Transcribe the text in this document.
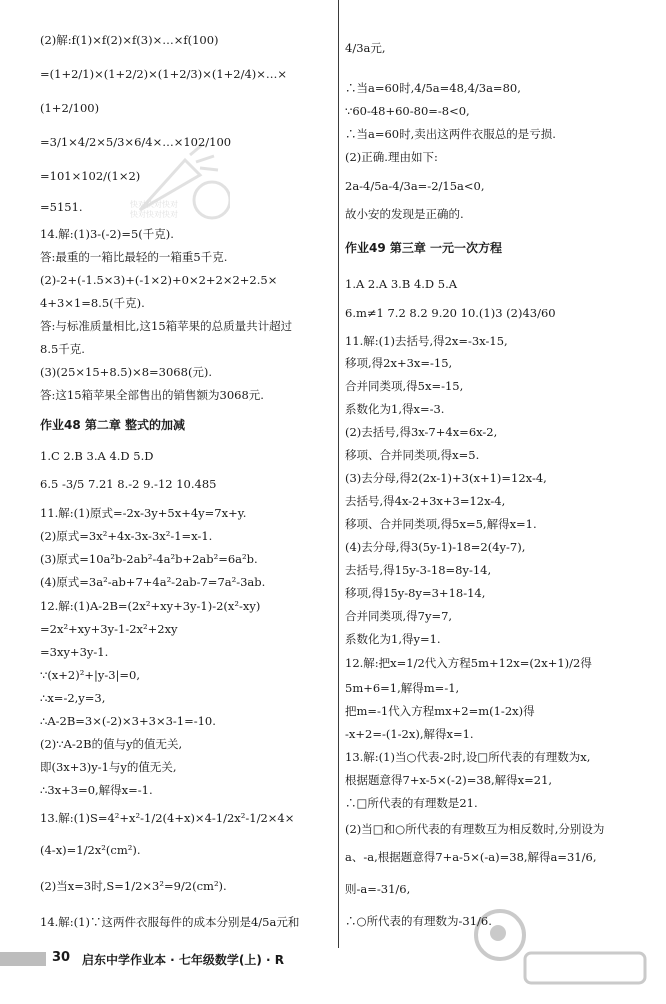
(2)解:f(1)×f(2)×f(3)×…×f(100)
=(1+2/1)×(1+2/2)×(1+2/3)×(1+2/4)×…×
(1+2/100)
=3/1×4/2×5/3×6/4×…×102/100
=101×102/(1×2)
=5151.
14.解:(1)3-(-2)=5(千克).
答:最重的一箱比最轻的一箱重5千克.
(2)-2+(-1.5×3)+(-1×2)+0×2+2×2+2.5×
4+3×1=8.5(千克).
答:与标准质量相比,这15箱苹果的总质量共计超过
8.5千克.
(3)(25×15+8.5)×8=3068(元).
答:这15箱苹果全部售出的销售额为3068元.
作业48 第二章 整式的加减
1.C 2.B 3.A 4.D 5.D
6.5 -3/5 7.21 8.-2 9.-12 10.485
11.解:(1)原式=-2x-3y+5x+4y=7x+y.
(2)原式=3x²+4x-3x-3x²-1=x-1.
(3)原式=10a²b-2ab²-4a²b+2ab²=6a²b.
(4)原式=3a²-ab+7+4a²-2ab-7=7a²-3ab.
12.解:(1)A-2B=(2x²+xy+3y-1)-2(x²-xy)
=2x²+xy+3y-1-2x²+2xy
=3xy+3y-1.
∵(x+2)²+|y-3|=0,
∴x=-2,y=3,
∴A-2B=3×(-2)×3+3×3-1=-10.
(2)∵A-2B的值与y的值无关,
即(3x+3)y-1与y的值无关,
∴3x+3=0,解得x=-1.
13.解:(1)S=4²+x²-1/2(4+x)×4-1/2x²-1/2×4×
(4-x)=1/2x²(cm²).
(2)当x=3时,S=1/2×3²=9/2(cm²).
14.解:(1)∵这两件衣服每件的成本分别是4/5a元和
快对快对快对
快对快对快对
4/3a元,
∴当a=60时,4/5a=48,4/3a=80,
∵60-48+60-80=-8<0,
∴当a=60时,卖出这两件衣服总的是亏损.
(2)正确.理由如下:
2a-4/5a-4/3a=-2/15a<0,
故小安的发现是正确的.
作业49 第三章 一元一次方程
1.A 2.A 3.B 4.D 5.A
6.m≠1 7.2 8.2 9.20 10.(1)3 (2)43/60
11.解:(1)去括号,得2x=-3x-15,
移项,得2x+3x=-15,
合并同类项,得5x=-15,
系数化为1,得x=-3.
(2)去括号,得3x-7+4x=6x-2,
移项、合并同类项,得x=5.
(3)去分母,得2(2x-1)+3(x+1)=12x-4,
去括号,得4x-2+3x+3=12x-4,
移项、合并同类项,得5x=5,解得x=1.
(4)去分母,得3(5y-1)-18=2(4y-7),
去括号,得15y-3-18=8y-14,
移项,得15y-8y=3+18-14,
合并同类项,得7y=7,
系数化为1,得y=1.
12.解:把x=1/2代入方程5m+12x=(2x+1)/2得
5m+6=1,解得m=-1,
把m=-1代入方程mx+2=m(1-2x)得
-x+2=-(1-2x),解得x=1.
13.解:(1)当○代表-2时,设□所代表的有理数为x,
根据题意得7+x-5×(-2)=38,解得x=21,
∴□所代表的有理数是21.
(2)当□和○所代表的有理数互为相反数时,分别设为
a、-a,根据题意得7+a-5×(-a)=38,解得a=31/6,
则-a=-31/6,
∴○所代表的有理数为-31/6.
30 启东中学作业本 · 七年级数学(上) · R
